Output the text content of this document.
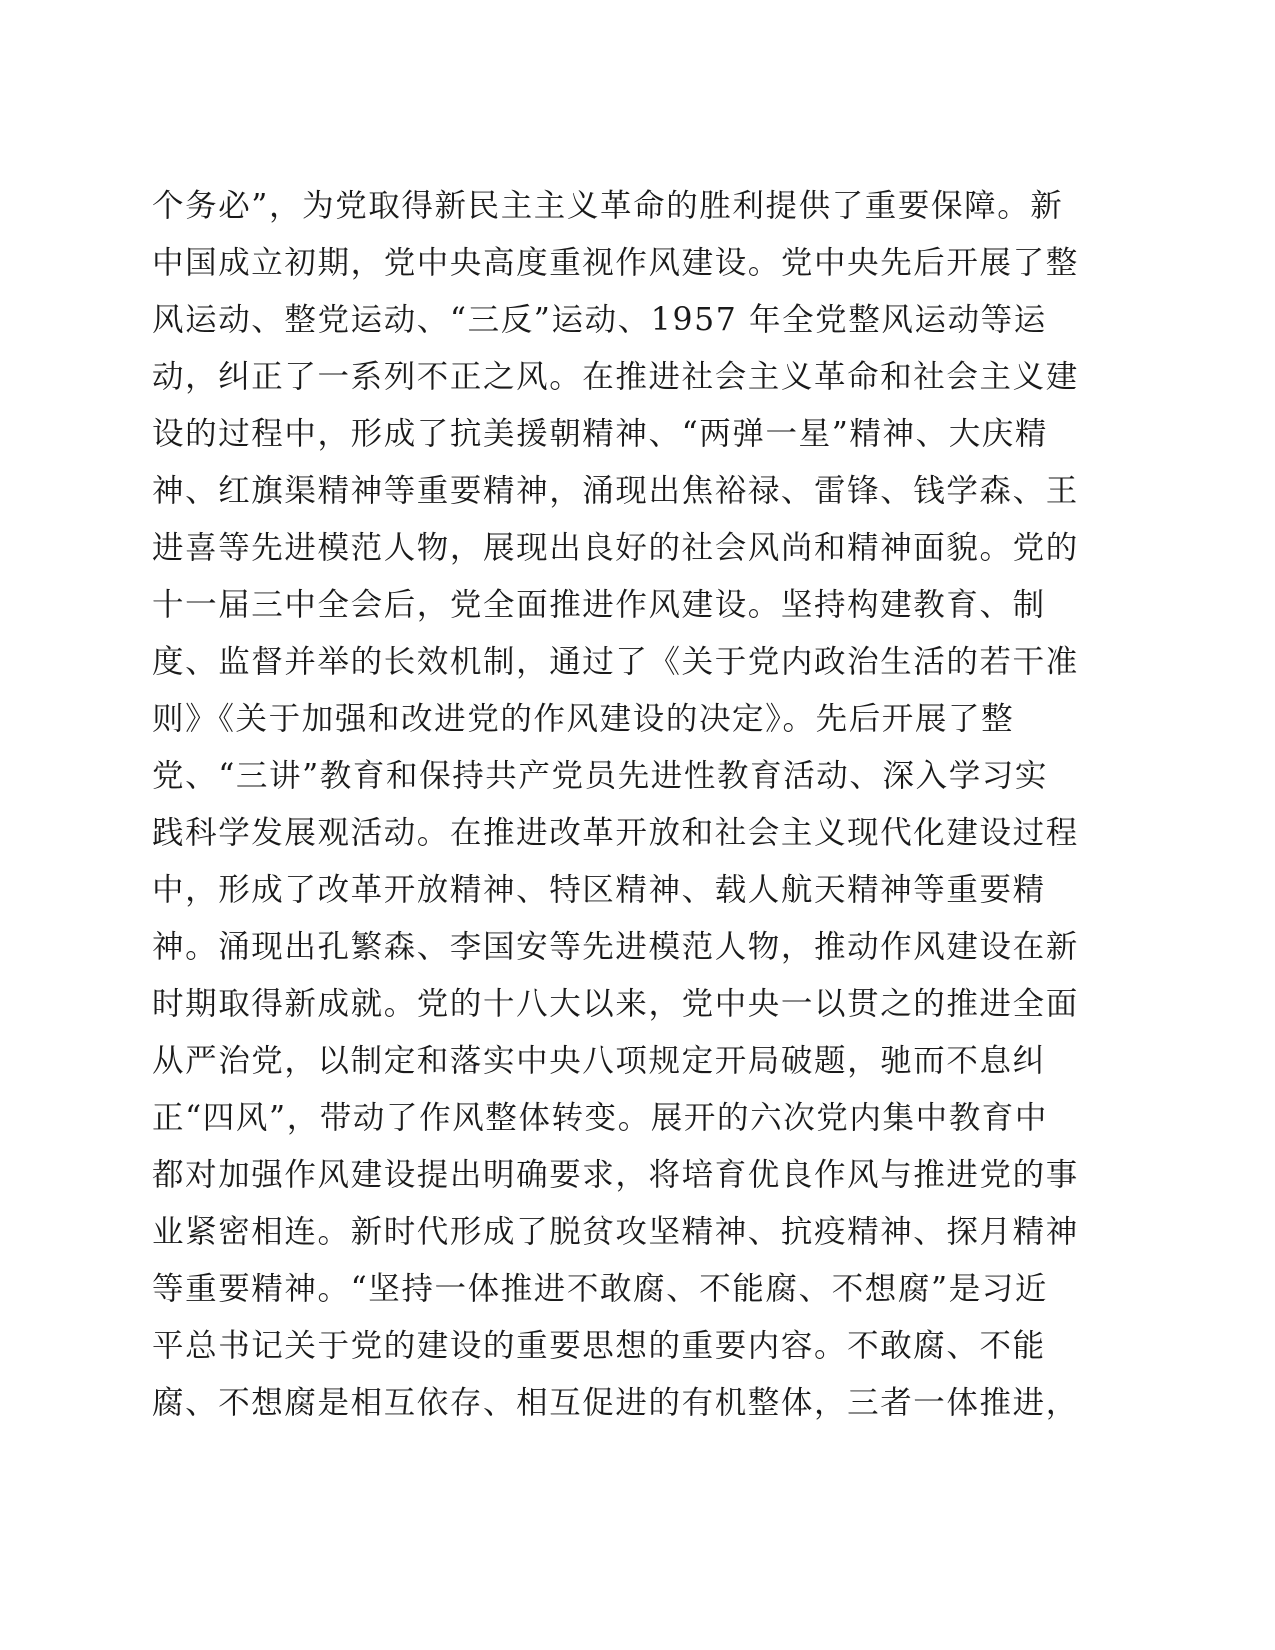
个务必”，为党取得新民主主义革命的胜利提供了重要保障。新
中国成立初期，党中央高度重视作风建设。党中央先后开展了整
风运动、整党运动、“三反”运动、1957 年全党整风运动等运
动，纠正了一系列不正之风。在推进社会主义革命和社会主义建
设的过程中，形成了抗美援朝精神、“两弹一星”精神、大庆精
神、红旗渠精神等重要精神，涌现出焦裕禄、雷锋、钱学森、王
进喜等先进模范人物，展现出良好的社会风尚和精神面貌。党的
十一届三中全会后，党全面推进作风建设。坚持构建教育、制
度、监督并举的长效机制，通过了《关于党内政治生活的若干准
则》《关于加强和改进党的作风建设的决定》。先后开展了整
党、“三讲”教育和保持共产党员先进性教育活动、深入学习实
践科学发展观活动。在推进改革开放和社会主义现代化建设过程
中，形成了改革开放精神、特区精神、载人航天精神等重要精
神。涌现出孔繁森、李国安等先进模范人物，推动作风建设在新
时期取得新成就。党的十八大以来，党中央一以贯之的推进全面
从严治党，以制定和落实中央八项规定开局破题，驰而不息纠
正“四风”，带动了作风整体转变。展开的六次党内集中教育中
都对加强作风建设提出明确要求，将培育优良作风与推进党的事
业紧密相连。新时代形成了脱贫攻坚精神、抗疫精神、探月精神
等重要精神。“坚持一体推进不敢腐、不能腐、不想腐”是习近
平总书记关于党的建设的重要思想的重要内容。不敢腐、不能
腐、不想腐是相互依存、相互促进的有机整体，三者一体推进，
